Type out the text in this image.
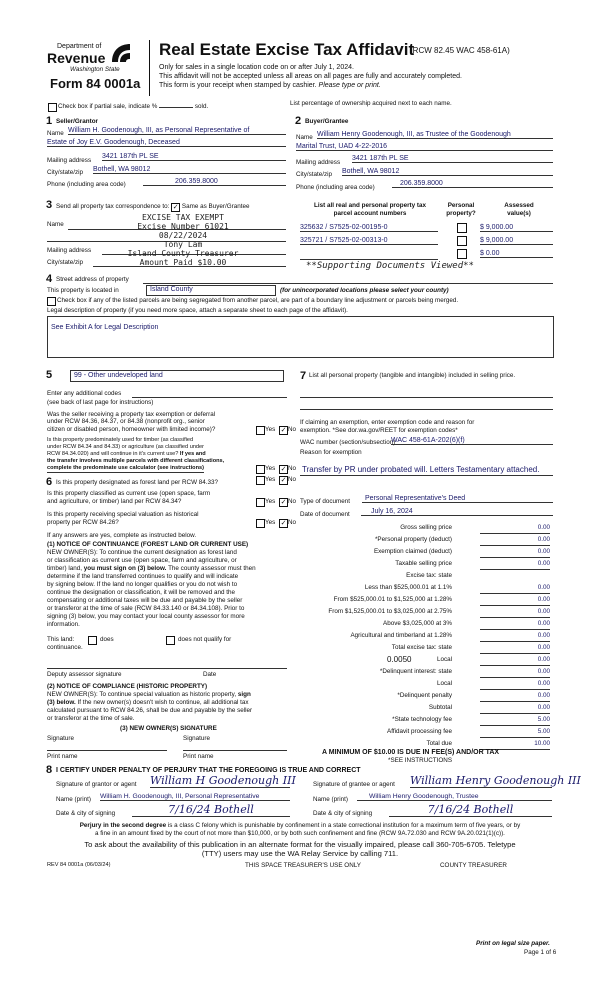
Department of
Revenue
Washington State
Form 84 0001a
Real Estate Excise Tax Affidavit
(RCW 82.45 WAC 458-61A)
Only for sales in a single location code on or after July 1, 2024.
This affidavit will not be accepted unless all areas on all pages are fully and accurately completed.
This form is your receipt when stamped by cashier. Please type or print.
Check box if partial sale, indicate %	sold.	List percentage of ownership acquired next to each name.
1 Seller/Grantor
Name William H. Goodenough, III, as Personal Representative of
Estate of Joy E.V. Goodenough, Deceased
Mailing address
3421 187th PL SE
City/state/zip Bothell, WA 98012
Phone (including area code)	206.359.8000
2 Buyer/Grantee
Name William Henry Goodenough, III, as Trustee of the Goodenough
Marital Trust, UAD 4-22-2016
Mailing address
3421 187th PL SE
City/state/zip Bothell, WA 98012
Phone (including area code)
206.359.8000
3 Send all property tax correspondence to: ✓ Same as Buyer/Grantee
Name
Mailing address
City/state/zip
EXCISE TAX EXEMPT
Excise Number 61021
08/22/2024
Tony Lam
Island County Treasurer
Amount Paid $10.00	**Supporting Documents Viewed**
List all real and personal property tax
parcel account numbers
Personal
property?
Assessed
value(s)
325632 / S7525-02-00195-0	$ 9,000.00
325721 / S7525-02-00313-0	$ 9,000.00
$ 0.00
4 Street address of property
This property is located in	Island County	(for unincorporated locations please select your county)
Check box if any of the listed parcels are being segregated from another parcel, are part of a boundary line adjustment or parcels being merged.
Legal description of property (if you need more space, attach a separate sheet to each page of the affidavit).
See Exhibit A for Legal Description
5	99 - Other undeveloped land
Enter any additional codes
(see back of last page for instructions)
Was the seller receiving a property tax exemption or deferral
under RCW 84.36, 84.37, or 84.38 (nonprofit org., senior
citizen or disabled person, homeowner with limited income)?	Yes ✓ No
Is this property predominately used for timber (as classified
under RCW 84.34 and 84.33) or agriculture (as classified under
RCW 84.34.020) and will continue in it's current use? If yes and
the transfer involves multiple parcels with different classifications,
complete the predominate use calculator (see instructions)	Yes ✓ No
6 Is this property designated as forest land per RCW 84.33?	Yes ✓ No
Is this property classified as current use (open space, farm
and agriculture, or timber) land per RCW 84.34?	Yes ✓ No
Is this property receiving special valuation as historical
property per RCW 84.26?	Yes ✓ No
If any answers are yes, complete as instructed below.
(1) NOTICE OF CONTINUANCE (FOREST LAND OR CURRENT USE)
NEW OWNER(S): To continue the current designation as forest land
or classification as current use (open space, farm and agriculture, or
timber) land, you must sign on (3) below. The county assessor must then
determine if the land transferred continues to qualify and will indicate
by signing below. If the land no longer qualifies or you do not wish to
continue the designation or classification, it will be removed and the
compensating or additional taxes will be due and payable by the seller
or transferor at the time of sale (RCW 84.33.140 or 84.34.108). Prior to
signing (3) below, you may contact your local county assessor for more
information.
This land:	does	does not qualify for
continuance.
Deputy assessor signature	Date
(2) NOTICE OF COMPLIANCE (HISTORIC PROPERTY)
NEW OWNER(S): To continue special valuation as historic property, sign
(3) below. If the new owner(s) doesn't wish to continue, all additional tax
calculated pursuant to RCW 84.26, shall be due and payable by the seller
or transferor at the time of sale.
(3) NEW OWNER(S) SIGNATURE
Signature	Signature
Print name	Print name
7 List all personal property (tangible and intangible) included in selling price.
If claiming an exemption, enter exemption code and reason for
exemption. *See dor.wa.gov/REET for exemption codes*
WAC number (section/subsection)
WAC 458-61A-202(6)(f)
Reason for exemption
Transfer by PR under probated will. Letters Testamentary attached.
Type of document	Personal Representative's Deed
Date of document	July 16, 2024
Gross selling price	0.00
*Personal property (deduct)	0.00
Exemption claimed (deduct)	0.00
Taxable selling price	0.00
Excise tax: state
Less than $525,000.01 at 1.1%	0.00
From $525,000.01 to $1,525,000 at 1.28%	0.00
From $1,525,000.01 to $3,025,000 at 2.75%	0.00
Above $3,025,000 at 3%	0.00
Agricultural and timberland at 1.28%	0.00
Total excise tax: state	0.00
Local	0.00
*Delinquent interest: state	0.00
Local	0.00
*Delinquent penalty	0.00
Subtotal	0.00
*State technology fee	5.00
Affidavit processing fee	5.00
Total due	10.00
0.0050
A MINIMUM OF $10.00 IS DUE IN FEE(S) AND/OR TAX
*SEE INSTRUCTIONS
8 I CERTIFY UNDER PENALTY OF PERJURY THAT THE FOREGOING IS TRUE AND CORRECT
Signature of grantor or agent William H Goodenough III	Signature of grantee or agent William Henry Goodenough III
Name (print) William H. Goodenough, III, Personal Representative	Name (print)	William Henry Goodenough, Trustee
Date & city of signing	7/16/24 Bothell	Date & city of signing	7/16/24 Bothell
Perjury in the second degree is a class C felony which is punishable by confinement in a state correctional institution for a maximum term of five years, or by
a fine in an amount fixed by the court of not more than $10,000, or by both such confinement and fine (RCW 9A.72.030 and RCW 9A.20.021(1)(c)).
To ask about the availability of this publication in an alternate format for the visually impaired, please call 360-705-6705. Teletype
(TTY) users may use the WA Relay Service by calling 711.
REV 84 0001a (06/03/24)	THIS SPACE TREASURER'S USE ONLY	COUNTY TREASURER
Print on legal size paper.
Page 1 of 6
